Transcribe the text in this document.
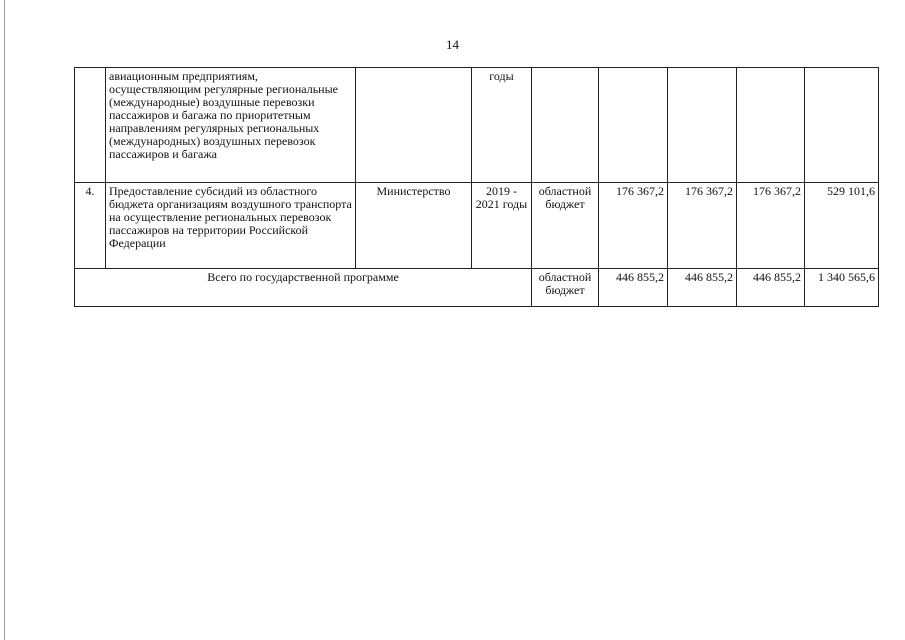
14
	авиационным предприятиям, осуществляющим регулярные региональные (международные) воздушные перевозки пассажиров и багажа по приоритетным направлениям регулярных региональных (международных) воздушных перевозок пассажиров и багажа		годы					
4.	Предоставление субсидий из областного бюджета организациям воздушного транспорта на осуществление региональных перевозок пассажиров на территории Российской Федерации	Министерство	2019 - 2021 годы	областной бюджет	176 367,2	176 367,2	176 367,2	529 101,6
Всего по государственной программе				областной бюджет	446 855,2	446 855,2	446 855,2	1 340 565,6
